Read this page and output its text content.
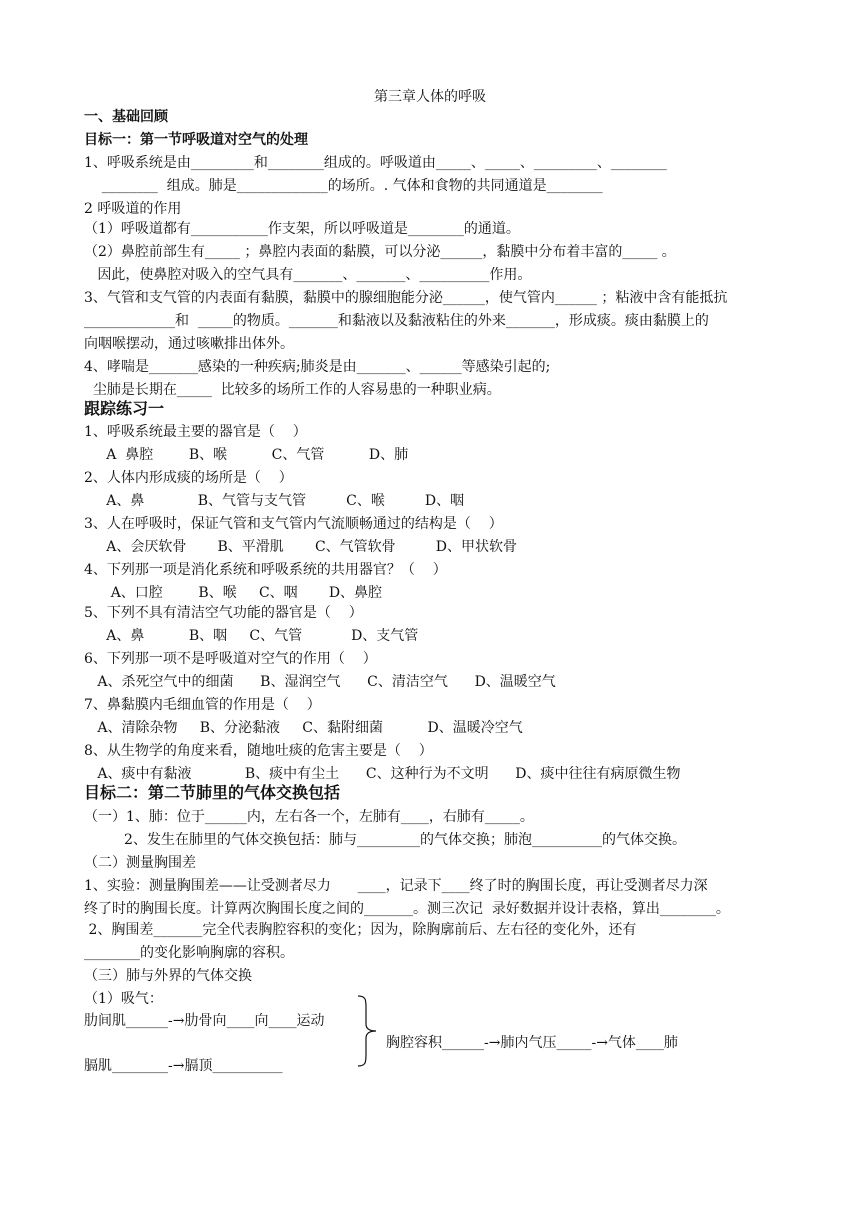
第三章人体的呼吸
一、基础回顾
目标一：第一节呼吸道对空气的处理
1、呼吸系统是由_________和________组成的。呼吸道由_____、_____、_________、________
________  组成。肺是_____________的场所。. 气体和食物的共同通道是________
2 呼吸道的作用
（1）呼吸道都有___________作支架，所以呼吸道是________的通道。
（2）鼻腔前部生有_____ ；鼻腔内表面的黏膜，可以分泌______，黏膜中分布着丰富的_____ 。
因此，使鼻腔对吸入的空气具有_______、_______、__________作用。
3、气管和支气管的内表面有黏膜，黏膜中的腺细胞能分泌______，使气管内______ ；粘液中含有能抵抗
_____________和  _____的物质。_______和黏液以及黏液粘住的外来_______，形成痰。痰由黏膜上的
向咽喉摆动，通过咳嗽排出体外。
4、哮喘是_______感染的一种疾病;肺炎是由_______、______等感染引起的;
尘肺是长期在_____  比较多的场所工作的人容易患的一种职业病。
跟踪练习一
1、呼吸系统最主要的器官是（    ）
A  鼻腔        B、喉          C、气管          D、肺
2、人体内形成痰的场所是（    ）
A、鼻            B、气管与支气管         C、喉         D、咽
3、人在呼吸时，保证气管和支气管内气流顺畅通过的结构是（    ）
A、会厌软骨       B、平滑肌       C、气管软骨         D、甲状软骨
4、下列那一项是消化系统和呼吸系统的共用器官？（    ）
A、口腔        B、喉     C、咽       D、鼻腔
5、下列不具有清洁空气功能的器官是（    ）
A、鼻          B、咽     C、气管           D、支气管
6、下列那一项不是呼吸道对空气的作用（    ）
A、杀死空气中的细菌      B、湿润空气      C、清洁空气      D、温暖空气
7、鼻黏膜内毛细血管的作用是（    ）
A、清除杂物     B、分泌黏液     C、黏附细菌          D、温暖冷空气
8、从生物学的角度来看，随地吐痰的危害主要是（    ）
A、痰中有黏液            B、痰中有尘土      C、这种行为不文明      D、痰中往往有病原微生物
目标二：第二节肺里的气体交换包括
（一）1、肺：位于______内，左右各一个，左肺有____，右肺有_____。
2、发生在肺里的气体交换包括：肺与_________的气体交换；肺泡__________的气体交换。
（二）测量胸围差
1、实验：测量胸围差——让受测者尽力      ____，记录下____终了时的胸围长度，再让受测者尽力深
终了时的胸围长度。计算两次胸围长度之间的_______。测三次记  录好数据并设计表格，算出________。
2、胸围差_______完全代表胸腔容积的变化；因为，除胸廓前后、左右径的变化外，还有
________的变化影响胸廓的容积。
（三）肺与外界的气体交换
（1）吸气：
肋间肌______-→肋骨向____向____运动
胸腔容积______-→肺内气压_____-→气体____肺
膈肌________-→膈顶__________
